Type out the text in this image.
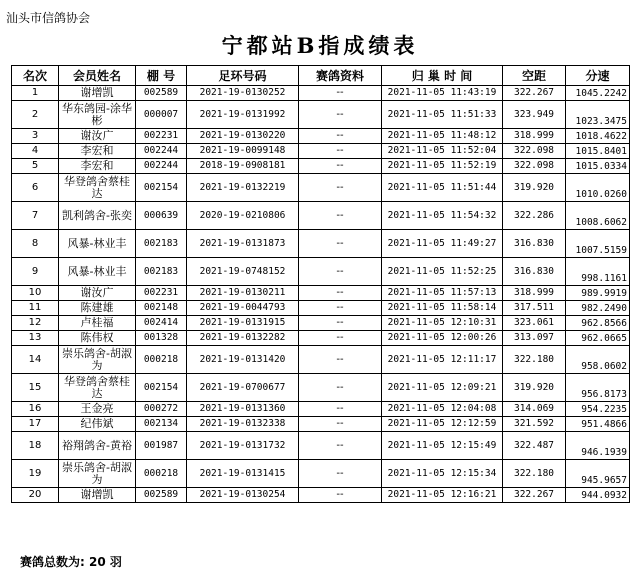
汕头市信鸽协会
宁都站B指成绩表
名次	会员姓名	棚 号	足环号码	赛鸽资料	归 巢 时 间	空距	分速
1	谢增凯	002589	2021-19-0130252	--	2021-11-05 11:43:19	322.267	1045.2242
2	华东鸽园-涂华彬	000007	2021-19-0131992	--	2021-11-05 11:51:33	323.949	1023.3475
3	谢汝广	002231	2021-19-0130220	--	2021-11-05 11:48:12	318.999	1018.4622
4	李宏和	002244	2021-19-0099148	--	2021-11-05 11:52:04	322.098	1015.8401
5	李宏和	002244	2018-19-0908181	--	2021-11-05 11:52:19	322.098	1015.0334
6	华登鸽舍蔡桂达	002154	2021-19-0132219	--	2021-11-05 11:51:44	319.920	1010.0260
7	凯利鸽舍-张奕	000639	2020-19-0210806	--	2021-11-05 11:54:32	322.286	1008.6062
8	风暴-林业丰	002183	2021-19-0131873	--	2021-11-05 11:49:27	316.830	1007.5159
9	风暴-林业丰	002183	2021-19-0748152	--	2021-11-05 11:52:25	316.830	998.1161
10	谢汝广	002231	2021-19-0130211	--	2021-11-05 11:57:13	318.999	989.9919
11	陈建雄	002148	2021-19-0044793	--	2021-11-05 11:58:14	317.511	982.2490
12	卢桂福	002414	2021-19-0131915	--	2021-11-05 12:10:31	323.061	962.8566
13	陈伟权	001328	2021-19-0132282	--	2021-11-05 12:00:26	313.097	962.0665
14	崇乐鸽舍-胡淑为	000218	2021-19-0131420	--	2021-11-05 12:11:17	322.180	958.0602
15	华登鸽舍蔡桂达	002154	2021-19-0700677	--	2021-11-05 12:09:21	319.920	956.8173
16	王金亮	000272	2021-19-0131360	--	2021-11-05 12:04:08	314.069	954.2235
17	纪伟斌	002134	2021-19-0132338	--	2021-11-05 12:12:59	321.592	951.4866
18	裕翔鸽舍-黄裕	001987	2021-19-0131732	--	2021-11-05 12:15:49	322.487	946.1939
19	崇乐鸽舍-胡淑为	000218	2021-19-0131415	--	2021-11-05 12:15:34	322.180	945.9657
20	谢增凯	002589	2021-19-0130254	--	2021-11-05 12:16:21	322.267	944.0932
赛鸽总数为: 20 羽
